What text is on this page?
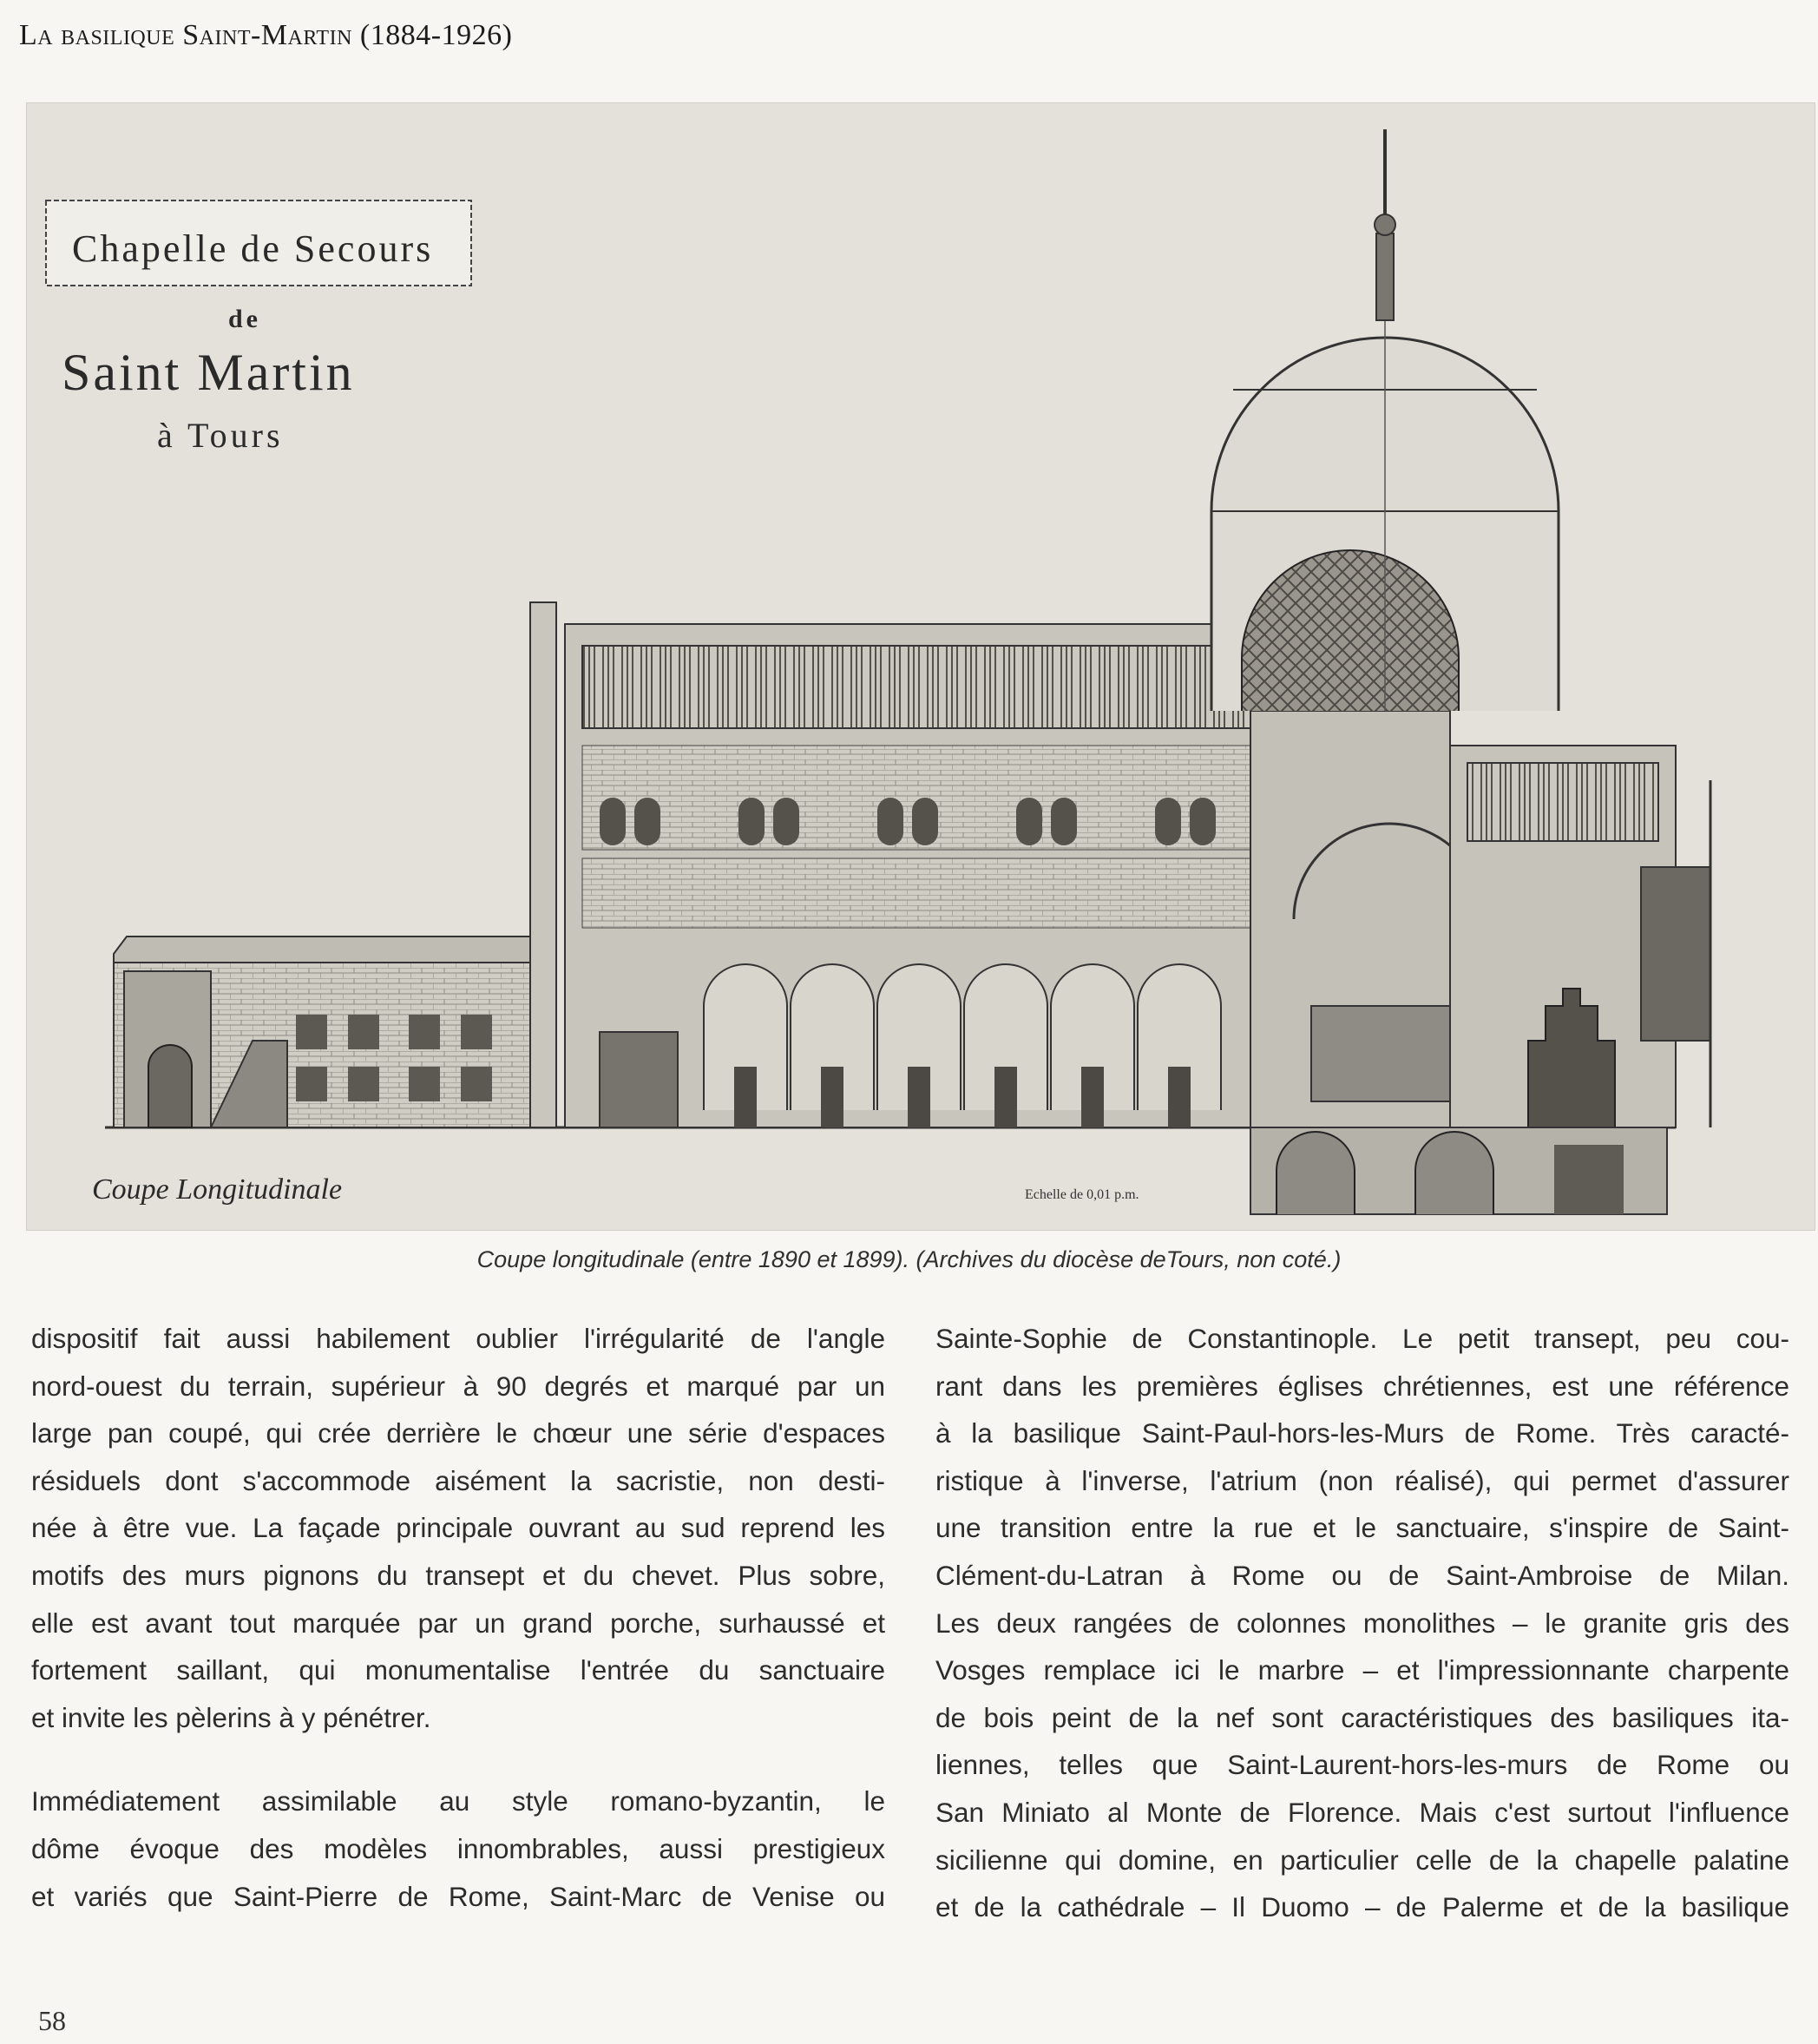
La basilique Saint-Martin (1884-1926)
Chapelle de Secours
de
Saint Martin
à Tours
Coupe Longitudinale	Echelle de 0,01 p.m.
Coupe longitudinale (entre 1890 et 1899). (Archives du diocèse deTours, non coté.)

dispositif fait aussi habilement oublier l'irrégularité de l'angle
nord-ouest du terrain, supérieur à 90 degrés et marqué par un
large pan coupé, qui crée derrière le chœur une série d'espaces
résiduels dont s'accommode aisément la sacristie, non desti-
née à être vue. La façade principale ouvrant au sud reprend les
motifs des murs pignons du transept et du chevet. Plus sobre,
elle est avant tout marquée par un grand porche, surhaussé et
fortement saillant, qui monumentalise l'entrée du sanctuaire
et invite les pèlerins à y pénétrer.

Immédiatement assimilable au style romano-byzantin, le
dôme évoque des modèles innombrables, aussi prestigieux
et variés que Saint-Pierre de Rome, Saint-Marc de Venise ou

Sainte-Sophie de Constantinople. Le petit transept, peu cou-
rant dans les premières églises chrétiennes, est une référence
à la basilique Saint-Paul-hors-les-Murs de Rome. Très caracté-
ristique à l'inverse, l'atrium (non réalisé), qui permet d'assurer
une transition entre la rue et le sanctuaire, s'inspire de Saint-
Clément-du-Latran à Rome ou de Saint-Ambroise de Milan.
Les deux rangées de colonnes monolithes – le granite gris des
Vosges remplace ici le marbre – et l'impressionnante charpente
de bois peint de la nef sont caractéristiques des basiliques ita-
liennes, telles que Saint-Laurent-hors-les-murs de Rome ou
San Miniato al Monte de Florence. Mais c'est surtout l'influence
sicilienne qui domine, en particulier celle de la chapelle palatine
et de la cathédrale – Il Duomo – de Palerme et de la basilique

58
